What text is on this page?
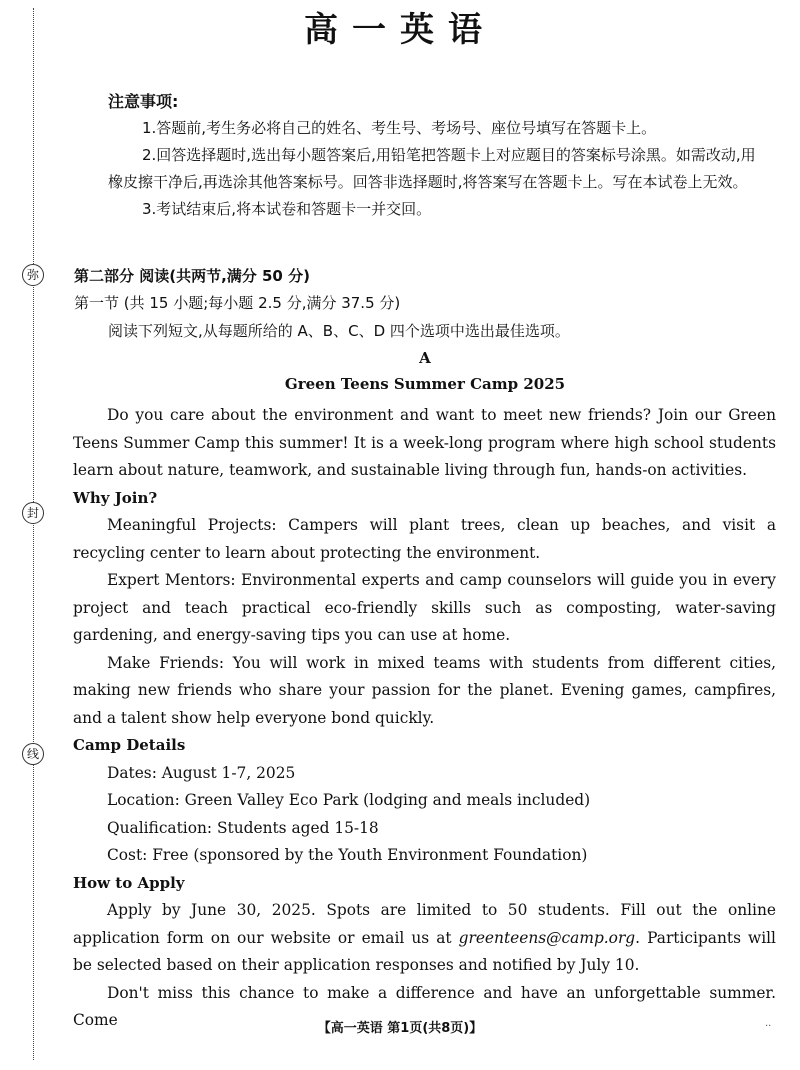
弥
封
线
高一英语

注意事项:

1.答题前,考生务必将自己的姓名、考生号、考场号、座位号填写在答题卡上。

2.回答选择题时,选出每小题答案后,用铅笔把答题卡上对应题目的答案标号涂黑。如需改动,用橡皮擦干净后,再选涂其他答案标号。回答非选择题时,将答案写在答题卡上。写在本试卷上无效。

3.考试结束后,将本试卷和答题卡一并交回。

第二部分 阅读(共两节,满分 50 分)
第一节 (共 15 小题;每小题 2.5 分,满分 37.5 分)
阅读下列短文,从每题所给的 A、B、C、D 四个选项中选出最佳选项。
A
Green Teens Summer Camp 2025

Do you care about the environment and want to meet new friends? Join our Green Teens Summer Camp this summer! It is a week-long program where high school students learn about nature, teamwork, and sustainable living through fun, hands-on activities.

Why Join?

Meaningful Projects: Campers will plant trees, clean up beaches, and visit a recycling center to learn about protecting the environment.

Expert Mentors: Environmental experts and camp counselors will guide you in every project and teach practical eco-friendly skills such as composting, water-saving gardening, and energy-saving tips you can use at home.

Make Friends: You will work in mixed teams with students from different cities, making new friends who share your passion for the planet. Evening games, campfires, and a talent show help everyone bond quickly.

Camp Details

Dates: August 1-7, 2025

Location: Green Valley Eco Park (lodging and meals included)

Qualification: Students aged 15-18

Cost: Free (sponsored by the Youth Environment Foundation)

How to Apply

Apply by June 30, 2025. Spots are limited to 50 students. Fill out the online application form on our website or email us at greenteens@camp.org. Participants will be selected based on their application responses and notified by July 10.

Don't miss this chance to make a difference and have an unforgettable summer. Come	【高一英语 第1页(共8页)】	..
